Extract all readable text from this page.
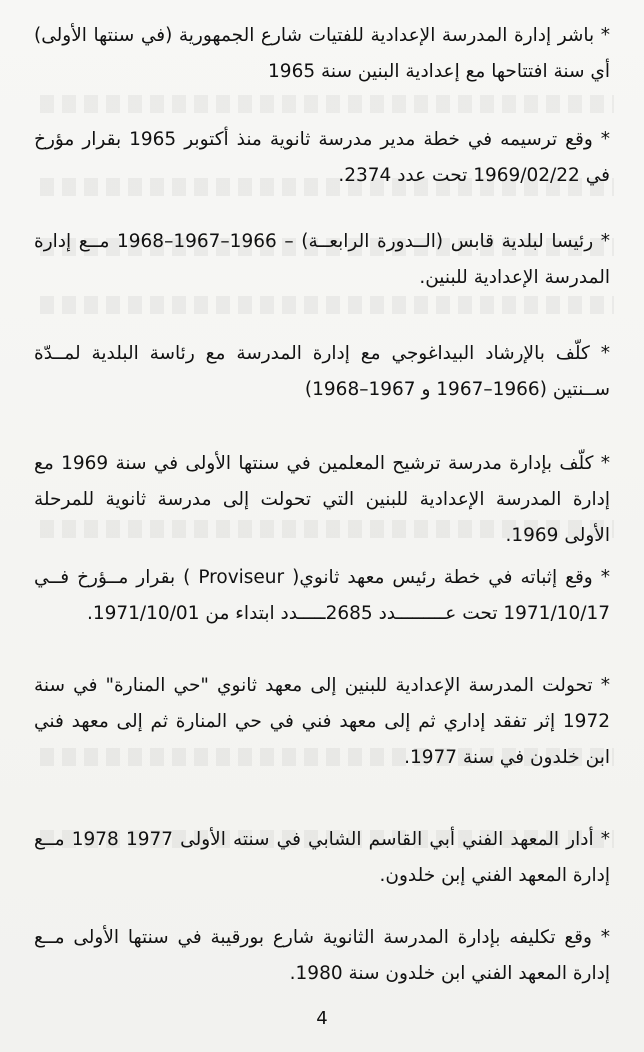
* باشر إدارة المدرسة الإعدادية للفتيات شارع الجمهورية (في سنتها الأولى) أي سنة افتتاحها مع إعدادية البنين سنة 1965

* وقع ترسيمه في خطة مدير مدرسة ثانوية منذ أكتوبر 1965 بقرار مؤرخ في 1969/02/22 تحت عدد 2374.

* رئيسا لبلدية قابس (الــدورة الرابعــة) – 1966–1967–1968 مــع إدارة المدرسة الإعدادية للبنين.

* كلّف بالإرشاد البيداغوجي مع إدارة المدرسة مع رئاسة البلدية لمــدّة ســنتين (1966–1967 و 1967–1968)

* كلّف بإدارة مدرسة ترشيح المعلمين في سنتها الأولى في سنة 1969 مع إدارة المدرسة الإعدادية للبنين التي تحولت إلى مدرسة ثانوية للمرحلة الأولى 1969.

* وقع إثباته في خطة رئيس معهد ثانوي( Proviseur ) بقرار مــؤرخ فــي 1971/10/17 تحت عـــــــــدد 2685ـــــدد ابتداء من 1971/10/01.

* تحولت المدرسة الإعدادية للبنين إلى معهد ثانوي "حي المنارة" في سنة 1972 إثر تفقد إداري ثم إلى معهد فني في حي المنارة ثم إلى معهد فني ابن خلدون في سنة 1977.

* أدار المعهد الفني أبي القاسم الشابي في سنته الأولى 1977 1978 مــع إدارة المعهد الفني إبن خلدون.

* وقع تكليفه بإدارة المدرسة الثانوية شارع بورقيبة في سنتها الأولى مــع إدارة المعهد الفني ابن خلدون سنة 1980.

4
